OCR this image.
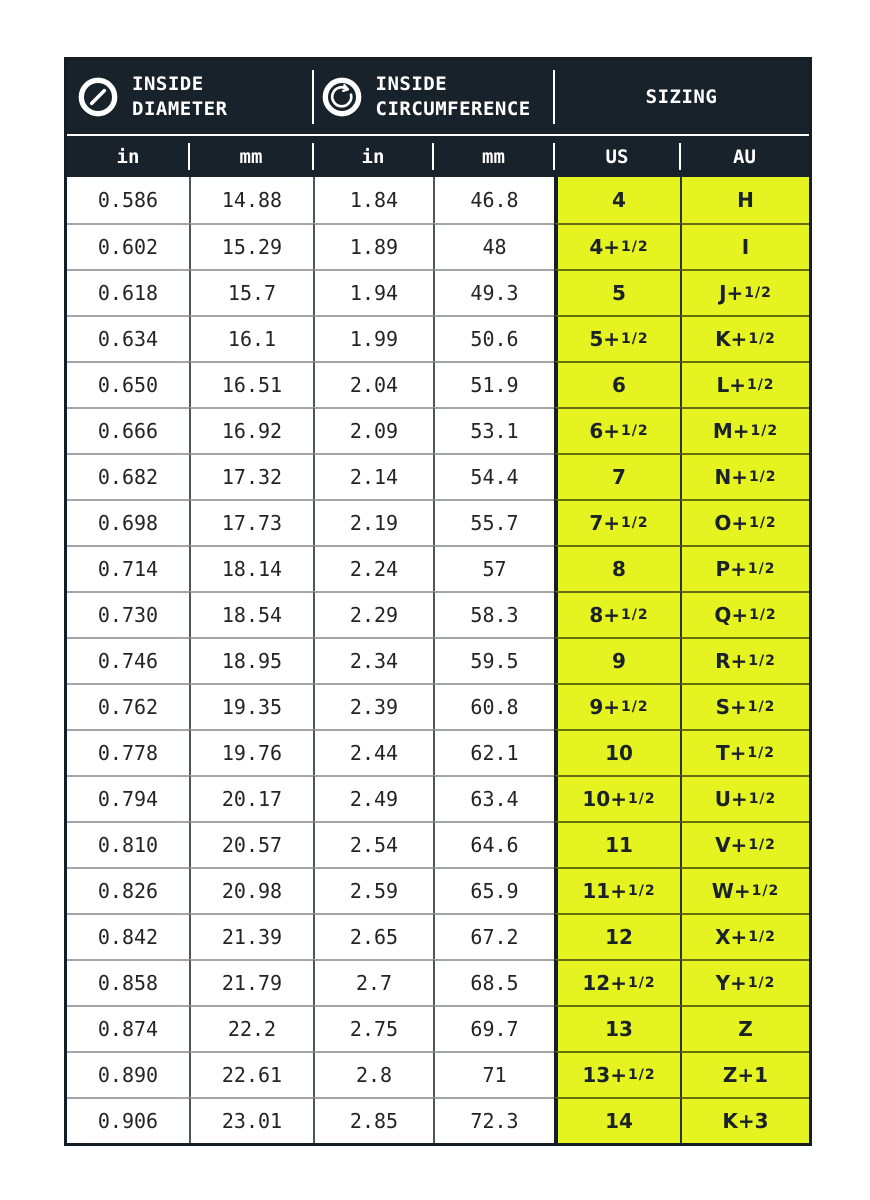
INSIDE DIAMETER
INSIDE CIRCUMFERENCE
SIZING
in	mm	in	mm	US	AU
0.586	14.88	1.84	46.8	4	H
0.602	15.29	1.89	48	4+ 1/2	I
0.618	15.7	1.94	49.3	5	J+ 1/2
0.634	16.1	1.99	50.6	5+ 1/2	K+ 1/2
0.650	16.51	2.04	51.9	6	L+ 1/2
0.666	16.92	2.09	53.1	6+ 1/2	M+ 1/2
0.682	17.32	2.14	54.4	7	N+ 1/2
0.698	17.73	2.19	55.7	7+ 1/2	O+ 1/2
0.714	18.14	2.24	57	8	P+ 1/2
0.730	18.54	2.29	58.3	8+ 1/2	Q+ 1/2
0.746	18.95	2.34	59.5	9	R+ 1/2
0.762	19.35	2.39	60.8	9+ 1/2	S+ 1/2
0.778	19.76	2.44	62.1	10	T+ 1/2
0.794	20.17	2.49	63.4	10+ 1/2	U+ 1/2
0.810	20.57	2.54	64.6	11	V+ 1/2
0.826	20.98	2.59	65.9	11+ 1/2	W+ 1/2
0.842	21.39	2.65	67.2	12	X+ 1/2
0.858	21.79	2.7	68.5	12+ 1/2	Y+ 1/2
0.874	22.2	2.75	69.7	13	Z
0.890	22.61	2.8	71	13+ 1/2	Z+1
0.906	23.01	2.85	72.3	14	K+3
